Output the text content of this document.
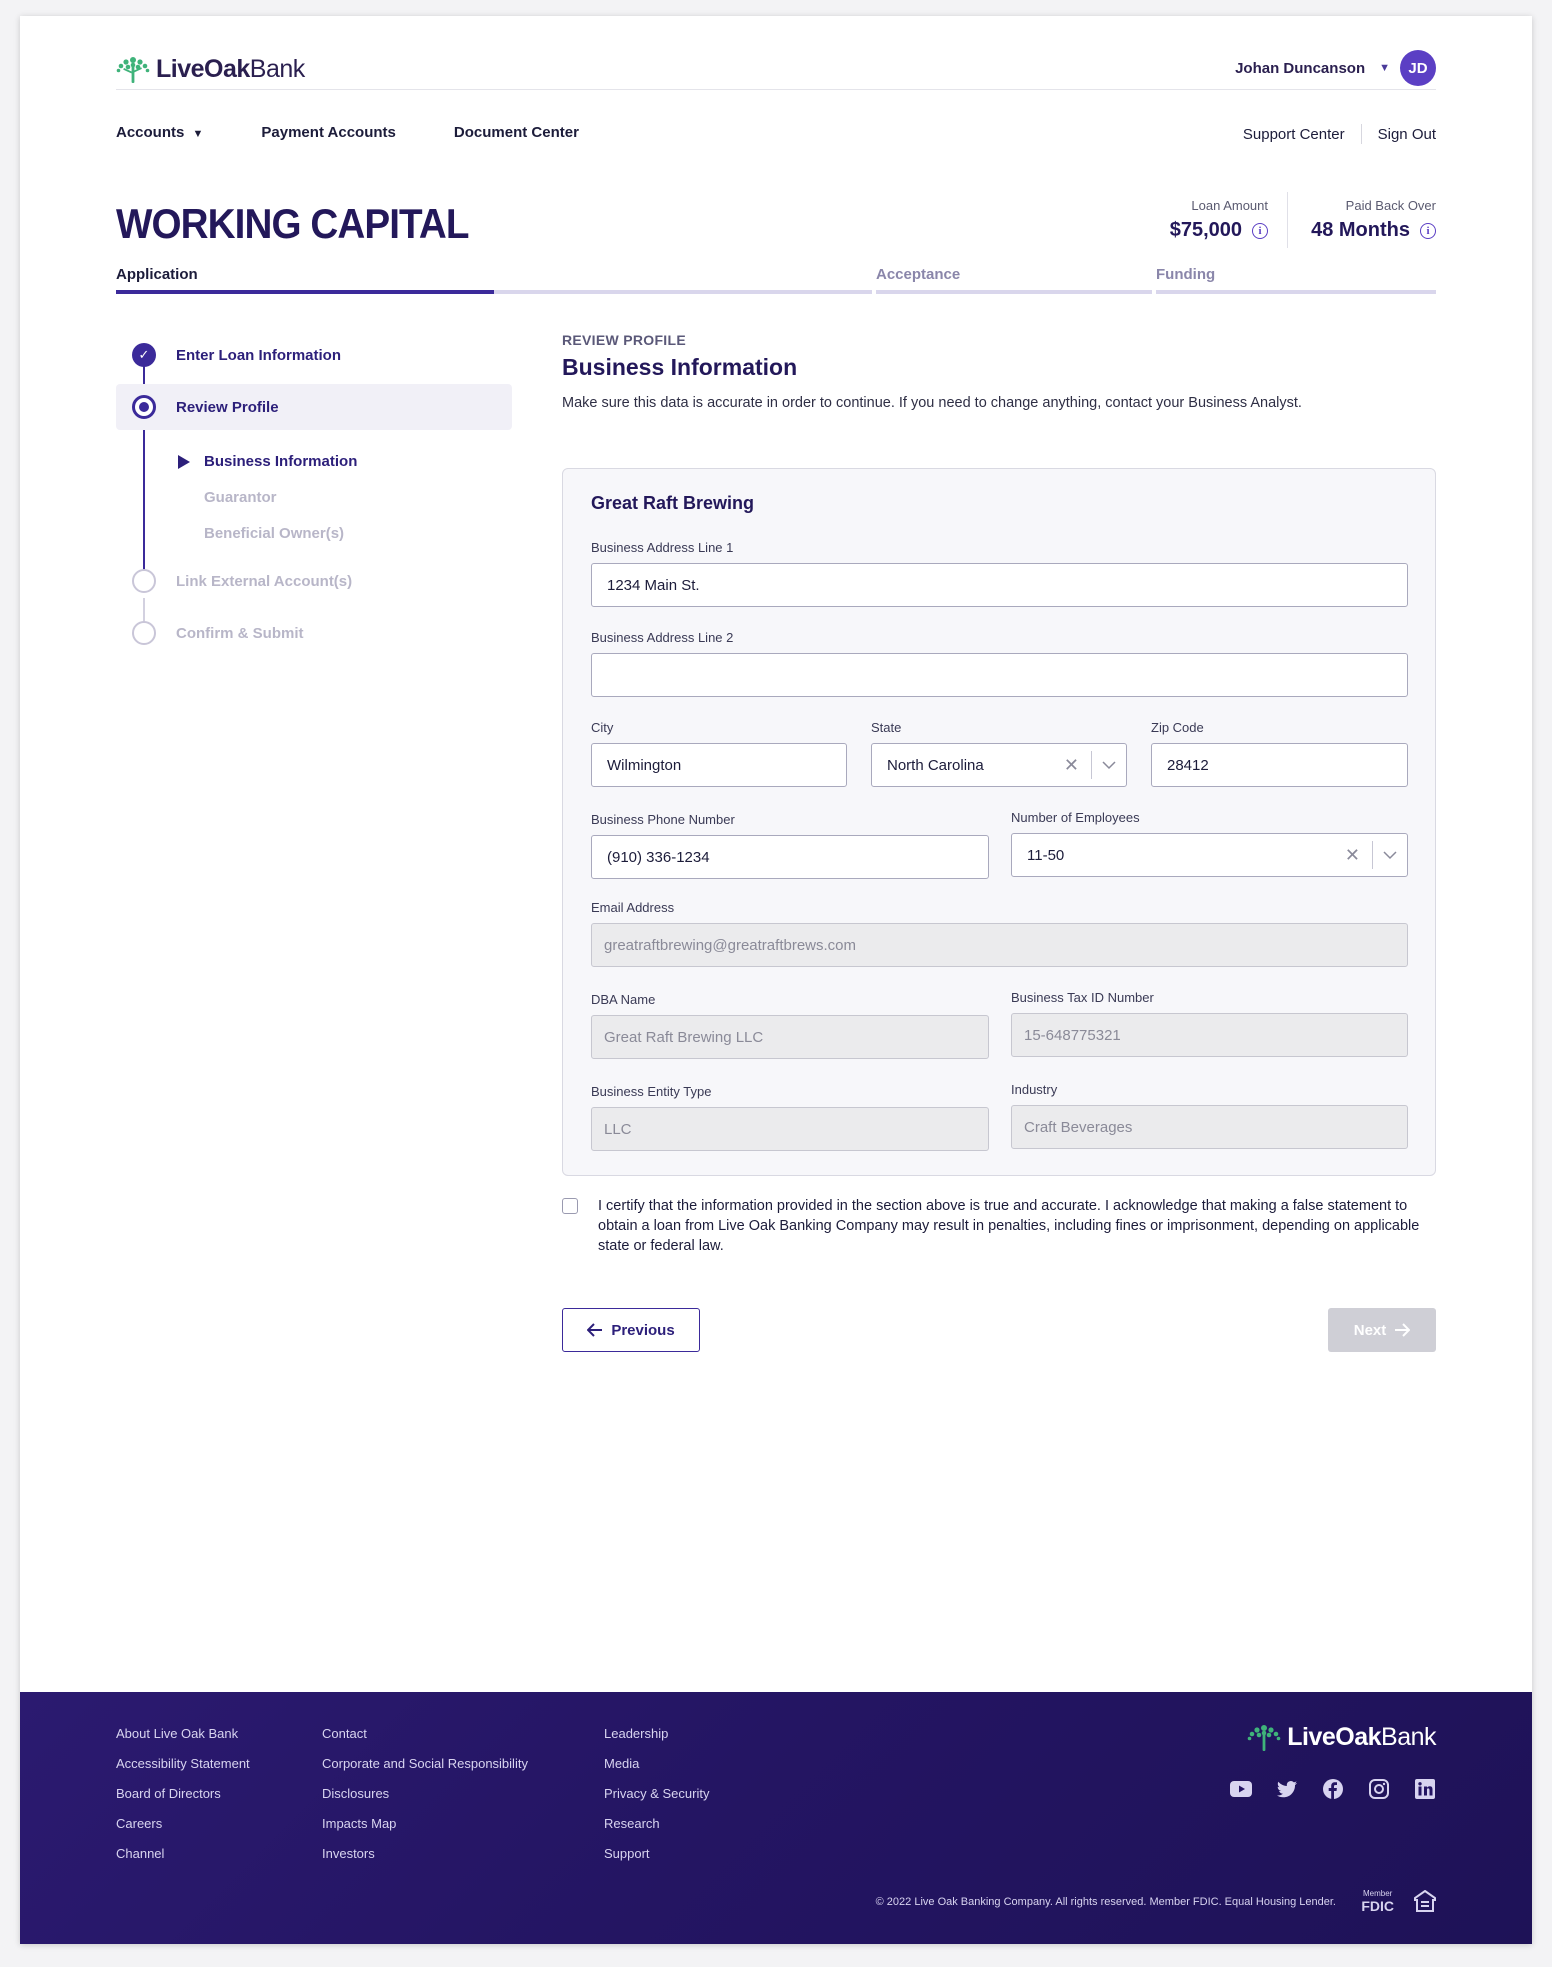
LiveOakBank	Johan Duncanson ▼	JD
Accounts ▼	Payment Accounts	Document Center	Support Center Sign Out
WORKING CAPITAL	Loan Amount
$75,000	i
Paid Back Over
48 Months	i
Application	Acceptance	Funding
✓	Enter Loan Information
Review Profile
Business Information
Guarantor
Beneficial Owner(s)
Link External Account(s)
Confirm & Submit
REVIEW PROFILE
Business Information
Make sure this data is accurate in order to continue. If you need to change anything, contact your Business Analyst.
Great Raft Brewing
Business Address Line 1
1234 Main St.
Business Address Line 2
City
Wilmington
State
North Carolina	✕
Zip Code
28412
Business Phone Number
(910) 336-1234
Number of Employees
11-50	✕
Email Address
greatraftbrewing@greatraftbrews.com
DBA Name
Great Raft Brewing LLC
Business Tax ID Number
15-648775321
Business Entity Type
LLC
Industry
Craft Beverages
I certify that the information provided in the section above is true and accurate. I acknowledge that making a false statement to obtain a loan from Live Oak Banking Company may result in penalties, including fines or imprisonment, depending on applicable state or federal law.
Previous	Next
About Live Oak Bank
Accessibility Statement
Board of Directors
Careers
Channel
Contact
Corporate and Social Responsibility
Disclosures
Impacts Map
Investors
Leadership
Media
Privacy & Security
Research
Support
LiveOakBank
© 2022 Live Oak Banking Company. All rights reserved. Member FDIC. Equal Housing Lender.
Member
FDIC
